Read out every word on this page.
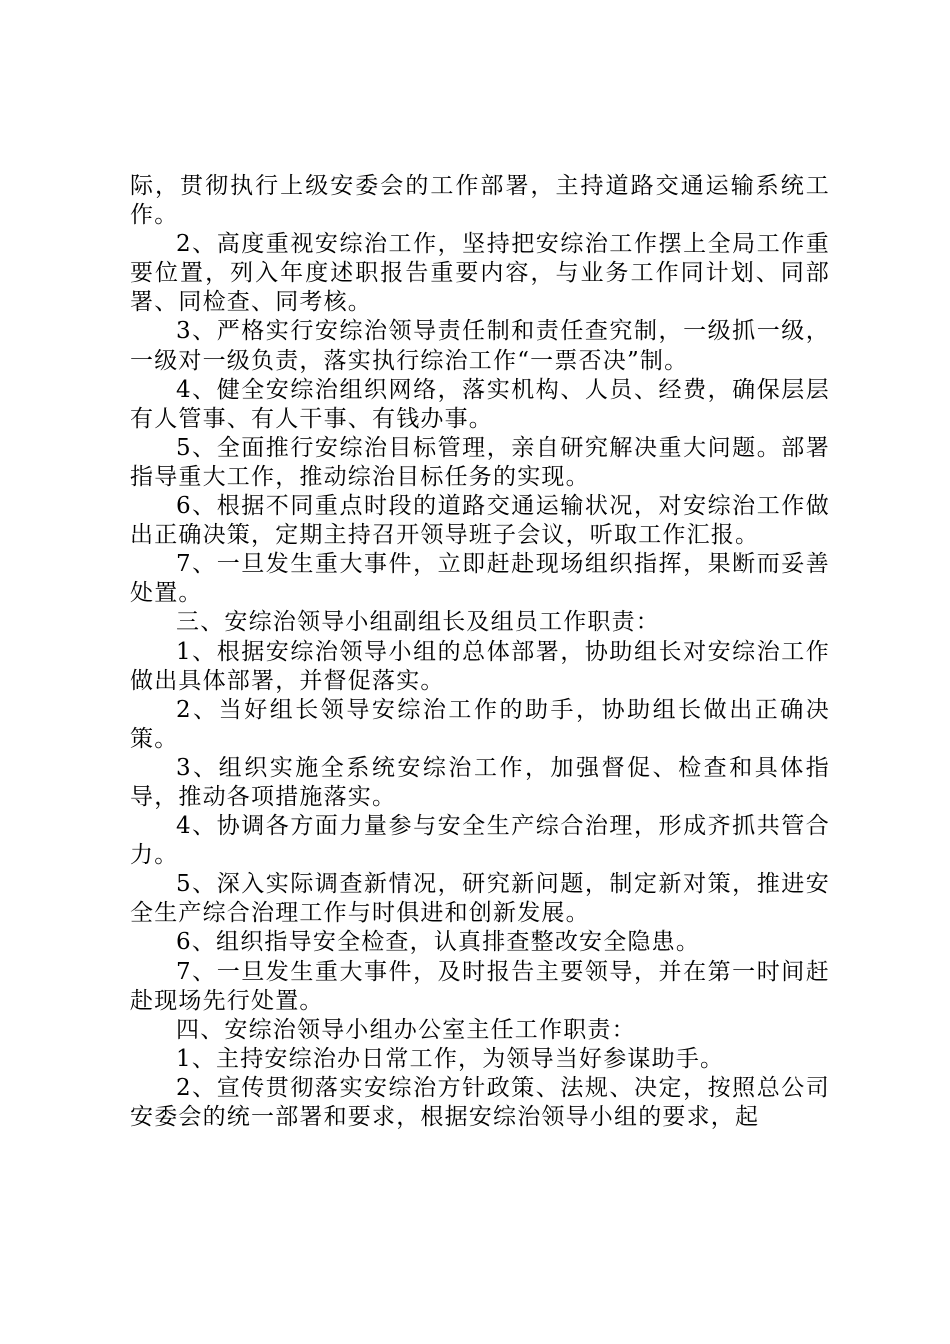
际，贯彻执行上级安委会的工作部署，主持道路交通运输系统工作。

2、高度重视安综治工作，坚持把安综治工作摆上全局工作重要位置，列入年度述职报告重要内容，与业务工作同计划、同部署、同检查、同考核。

3、严格实行安综治领导责任制和责任查究制，一级抓一级，一级对一级负责，落实执行综治工作“一票否决”制。

4、健全安综治组织网络，落实机构、人员、经费，确保层层有人管事、有人干事、有钱办事。

5、全面推行安综治目标管理，亲自研究解决重大问题。部署指导重大工作，推动综治目标任务的实现。

6、根据不同重点时段的道路交通运输状况，对安综治工作做出正确决策，定期主持召开领导班子会议，听取工作汇报。

7、一旦发生重大事件，立即赶赴现场组织指挥，果断而妥善处置。

三、安综治领导小组副组长及组员工作职责：

1、根据安综治领导小组的总体部署，协助组长对安综治工作做出具体部署，并督促落实。

2、当好组长领导安综治工作的助手，协助组长做出正确决策。

3、组织实施全系统安综治工作，加强督促、检查和具体指导，推动各项措施落实。

4、协调各方面力量参与安全生产综合治理，形成齐抓共管合力。

5、深入实际调查新情况，研究新问题，制定新对策，推进安全生产综合治理工作与时俱进和创新发展。

6、组织指导安全检查，认真排查整改安全隐患。

7、一旦发生重大事件，及时报告主要领导，并在第一时间赶赴现场先行处置。

四、安综治领导小组办公室主任工作职责：

1、主持安综治办日常工作，为领导当好参谋助手。

2、宣传贯彻落实安综治方针政策、法规、决定，按照总公司安委会的统一部署和要求，根据安综治领导小组的要求，起
